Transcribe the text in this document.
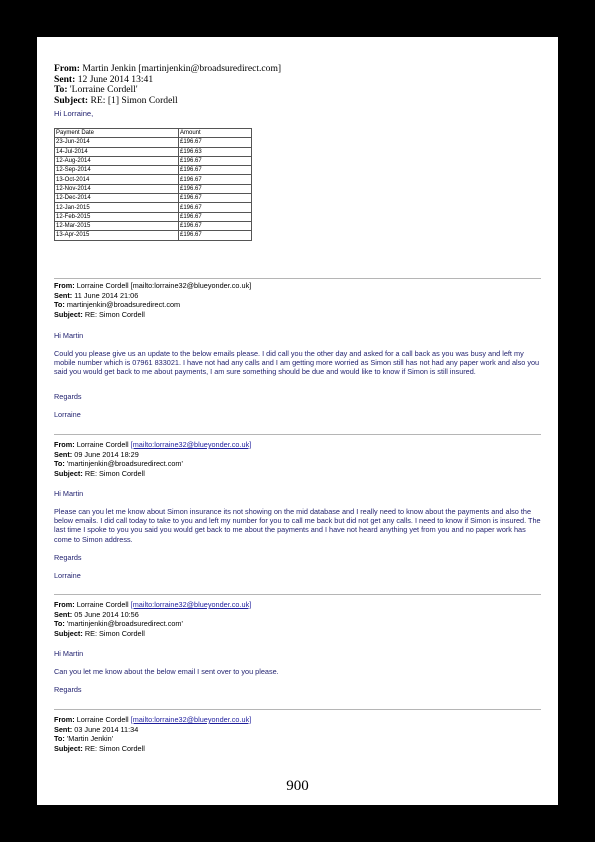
From: Martin Jenkin [martinjenkin@broadsuredirect.com]
Sent: 12 June 2014 13:41
To: 'Lorraine Cordell'
Subject: RE: [1] Simon Cordell
Hi Lorraine,
Payment Date	Amount
23-Jun-2014	£196.67
14-Jul-2014	£196.63
12-Aug-2014	£196.67
12-Sep-2014	£196.67
13-Oct-2014	£196.67
12-Nov-2014	£196.67
12-Dec-2014	£196.67
12-Jan-2015	£196.67
12-Feb-2015	£196.67
12-Mar-2015	£196.67
13-Apr-2015	£196.67
From: Lorraine Cordell [mailto:lorraine32@blueyonder.co.uk]
Sent: 11 June 2014 21:06
To: martinjenkin@broadsuredirect.com
Subject: RE: Simon Cordell
Hi Martin
Could you please give us an update to the below emails please. I did call you the other day and asked for a call back as you was busy and left my mobile number which is 07961 833021. I have not had any calls and I am getting more worried as Simon still has not had any paper work and also you said you would get back to me about payments, I am sure something should be due and would like to know if Simon is still insured.
Regards
Lorraine
From: Lorraine Cordell [mailto:lorraine32@blueyonder.co.uk]
Sent: 09 June 2014 18:29
To: 'martinjenkin@broadsuredirect.com'
Subject: RE: Simon Cordell
Hi Martin
Please can you let me know about Simon insurance its not showing on the mid database and I really need to know about the payments and also the below emails. I did call today to take to you and left my number for you to call me back but did not get any calls. I need to know if Simon is insured. The last time I spoke to you you said you would get back to me about the payments and I have not heard anything yet from you and no paper work has come to Simon address.
Regards
Lorraine
From: Lorraine Cordell [mailto:lorraine32@blueyonder.co.uk]
Sent: 05 June 2014 10:56
To: 'martinjenkin@broadsuredirect.com'
Subject: RE: Simon Cordell
Hi Martin
Can you let me know about the below email I sent over to you please.
Regards
From: Lorraine Cordell [mailto:lorraine32@blueyonder.co.uk]
Sent: 03 June 2014 11:34
To: 'Martin Jenkin'
Subject: RE: Simon Cordell
900
